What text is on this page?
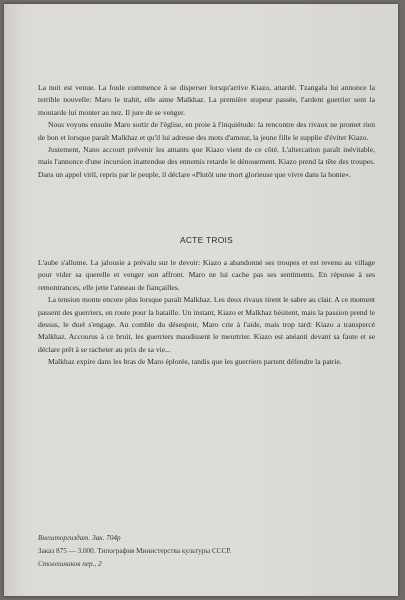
La nuit est venue. La foule commence à se disperser lorsqu'arrive Kiazo, attardé. Tzangala lui annonce la terrible nouvelle: Maro le trahit, elle aime Malkhaz. La première stupeur passée, l'ardent guerrier sent la moutarde lui monter au nez. Il jure de se venger.

Nous voyons ensuite Maro sortir de l'église, en proie à l'inquiétude: la rencontre des rivaux ne promet rien de bon et lorsque paraît Malkhaz et qu'il lui adresse des mots d'amour, la jeune fille le supplie d'éviter Kiazo.

Justement, Nano accourt prévenir les amants que Kiazo vient de ce côté. L'altercation paraît inévitable, mais l'annonce d'une incursion inattendue des ennemis retarde le dénouement. Kiazo prend la tête des troupes. Dans un appel viril, repris par le peuple, il déclare «Plutôt une mort glorieuse que vivre dans la honte».

ACTE TROIS

L'aube s'allume. La jalousie a prévalu sur le devoir: Kiazo a abandonné ses troupes et est revenu au village pour vider sa querelle et venger son affront. Maro ne lui cache pas ses sentiments. En réponse à ses remontrances, elle jette l'anneau de fiançailles.

La tension monte encore plus lorsque paraît Malkhaz. Les deux rivaux tirent le sabre au clair. A ce moment passent des guerriers, en route pour la bataille. Un instant, Kiazo et Malkhaz hésitent, mais la passion prend le dessus, le duel s'engage. Au comble du désespoir, Maro crie à l'aide, mais trop tard: Kiazo a transpercé Malkhaz. Accourus à ce bruit, les guerriers maudissent le meurtrier. Kiazo est anéanti devant sa faute et se déclare prêt à se racheter au prix de sa vie...

Malkhaz expire dans les bras de Maro éplorée, tandis que les guerriers partent défendre la patrie.

Внешторгиздат. Зак. 704р
Заказ 875 — 3.000. Типография Министерства культуры СССР.
Столешников пер., 2
